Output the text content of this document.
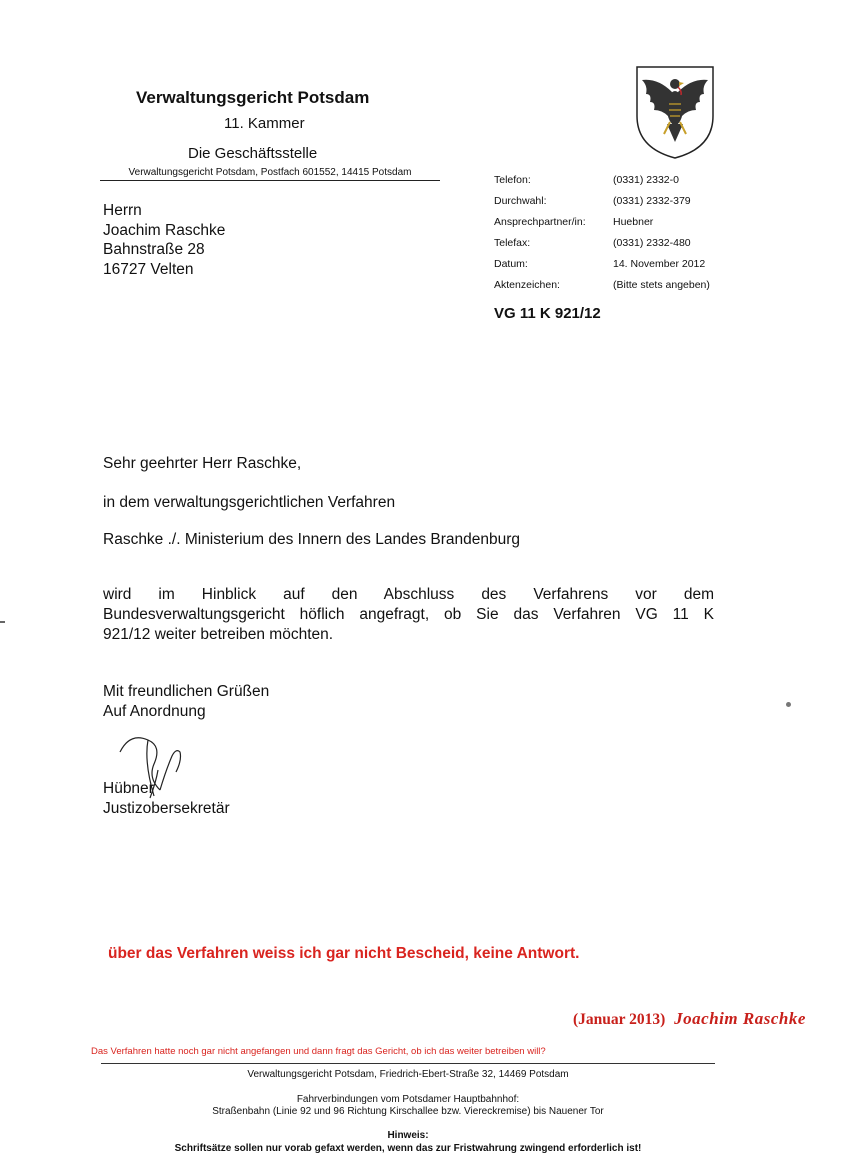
Verwaltungsgericht Potsdam
11. Kammer
Die Geschäftsstelle
Verwaltungsgericht Potsdam, Postfach 601552, 14415 Potsdam
Herrn
Joachim Raschke
Bahnstraße 28
16727 Velten
Telefon:	(0331) 2332-0
Durchwahl:	(0331) 2332-379
Ansprechpartner/in:	Huebner
Telefax:	(0331) 2332-480
Datum:	14. November 2012
Aktenzeichen:	(Bitte stets angeben)
VG 11 K 921/12
Sehr geehrter Herr Raschke,
in dem verwaltungsgerichtlichen Verfahren
Raschke ./. Ministerium des Innern des Landes Brandenburg
wird im Hinblick auf den Abschluss des Verfahrens vor dem
Bundesverwaltungsgericht höflich angefragt, ob Sie das Verfahren VG 11 K
921/12 weiter betreiben möchten.
Mit freundlichen Grüßen
Auf Anordnung
Hübner
Justizobersekretär
über das Verfahren weiss ich gar nicht Bescheid, keine Antwort.
(Januar 2013) Joachim Raschke
Das Verfahren hatte noch gar nicht angefangen und dann fragt das Gericht, ob ich das weiter betreiben will?
Verwaltungsgericht Potsdam, Friedrich-Ebert-Straße 32, 14469 Potsdam
Fahrverbindungen vom Potsdamer Hauptbahnhof:
Straßenbahn (Linie 92 und 96 Richtung Kirschallee bzw. Viereckremise) bis Nauener Tor
Hinweis:
Schriftsätze sollen nur vorab gefaxt werden, wenn das zur Fristwahrung zwingend erforderlich ist!
